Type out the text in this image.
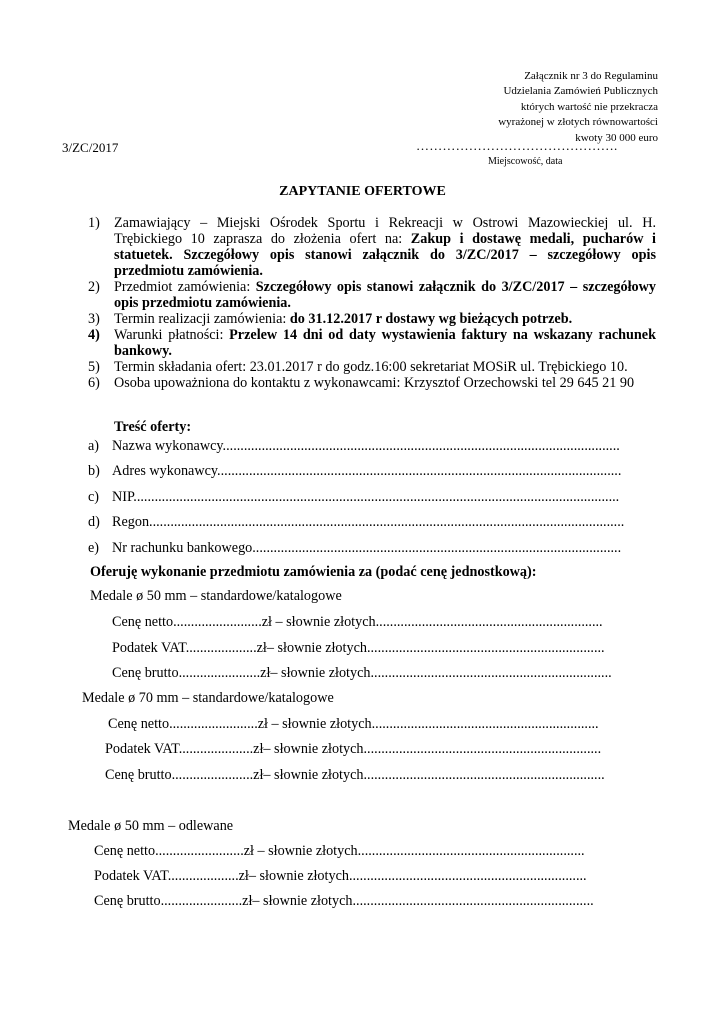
Załącznik nr 3 do Regulaminu
Udzielania Zamówień Publicznych
których wartość nie przekracza
wyrażonej w złotych równowartości
kwoty 30 000 euro
3/ZC/2017	……………………………………….
Miejscowość, data
ZAPYTANIE OFERTOWE
1) Zamawiający – Miejski Ośrodek Sportu i Rekreacji w Ostrowi Mazowieckiej ul. H. Trębickiego 10 zaprasza do złożenia ofert na: Zakup i dostawę medali, pucharów i statuetek. Szczegółowy opis stanowi załącznik do 3/ZC/2017 – szczegółowy opis przedmiotu zamówienia.
2) Przedmiot zamówienia: Szczegółowy opis stanowi załącznik do 3/ZC/2017 – szczegółowy opis przedmiotu zamówienia.
3) Termin realizacji zamówienia: do 31.12.2017 r dostawy wg bieżących potrzeb.
4) Warunki płatności: Przelew 14 dni od daty wystawienia faktury na wskazany rachunek bankowy.
5) Termin składania ofert: 23.01.2017 r do godz.16:00 sekretariat MOSiR ul. Trębickiego 10.
6) Osoba upoważniona do kontaktu z wykonawcami: Krzysztof Orzechowski tel 29 645 21 90
Treść oferty:
a) Nazwa wykonawcy................................................................................................................
b) Adres wykonawcy..................................................................................................................
c) NIP.........................................................................................................................................
d) Regon......................................................................................................................................
e) Nr rachunku bankowego........................................................................................................
Oferuję wykonanie przedmiotu zamówienia za (podać cenę jednostkową):
Medale ø 50 mm – standardowe/katalogowe
Cenę netto.........................zł – słownie złotych................................................................
Podatek VAT....................zł– słownie złotych...................................................................
Cenę brutto.......................zł– słownie złotych....................................................................
Medale ø 70 mm – standardowe/katalogowe
Cenę netto.........................zł – słownie złotych................................................................
Podatek VAT.....................zł– słownie złotych...................................................................
Cenę brutto.......................zł– słownie złotych....................................................................
Medale ø 50 mm – odlewane
Cenę netto.........................zł – słownie złotych................................................................
Podatek VAT....................zł– słownie złotych...................................................................
Cenę brutto.......................zł– słownie złotych....................................................................
